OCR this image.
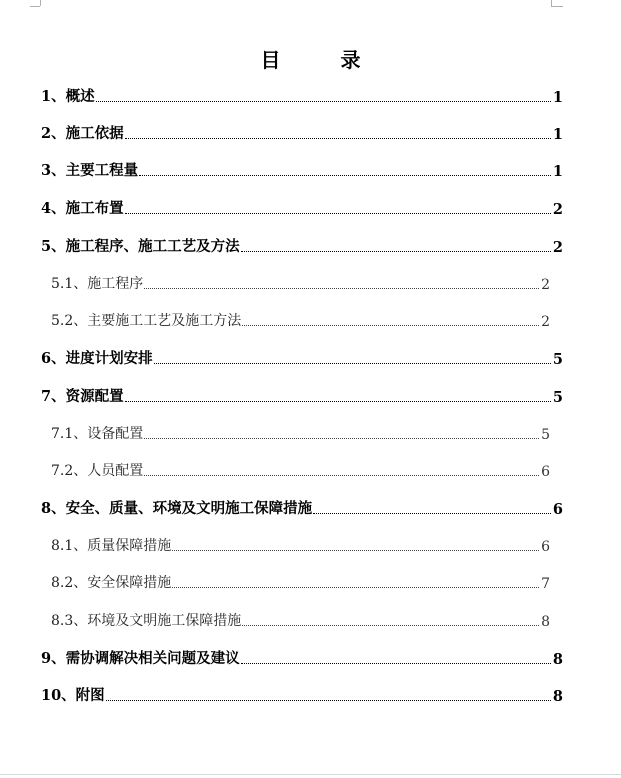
目	录
1、概述	1
2、施工依据	1
3、主要工程量	1
4、施工布置	2
5、施工程序、施工工艺及方法	2
5.1、施工程序	2
5.2、主要施工工艺及施工方法	2
6、进度计划安排	5
7、资源配置	5
7.1、设备配置	5
7.2、人员配置	6
8、安全、质量、环境及文明施工保障措施	6
8.1、质量保障措施	6
8.2、安全保障措施	7
8.3、环境及文明施工保障措施	8
9、需协调解决相关问题及建议	8
10、附图	8
